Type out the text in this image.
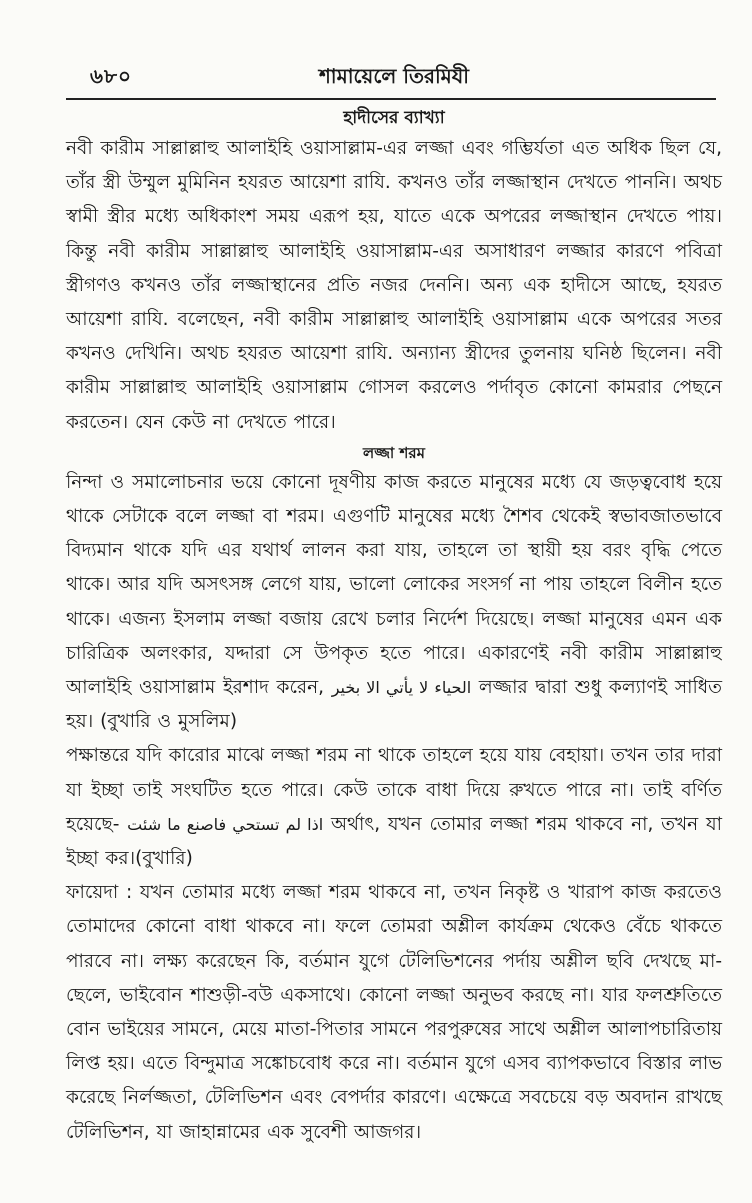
৬৮০	শামায়েলে তিরমিযী
হাদীসের ব্যাখ্যা

নবী কারীম সাল্লাল্লাহু আলাইহি ওয়াসাল্লাম-এর লজ্জা এবং গম্ভির্যতা এত অধিক ছিল যে, তাঁর স্ত্রী উম্মুল মুমিনিন হযরত আয়েশা রাযি. কখনও তাঁর লজ্জাস্থান দেখতে পাননি। অথচ স্বামী স্ত্রীর মধ্যে অধিকাংশ সময় এরূপ হয়, যাতে একে অপরের লজ্জাস্থান দেখতে পায়। কিন্তু নবী কারীম সাল্লাল্লাহু আলাইহি ওয়াসাল্লাম-এর অসাধারণ লজ্জার কারণে পবিত্রা স্ত্রীগণও কখনও তাঁর লজ্জাস্থানের প্রতি নজর দেননি। অন্য এক হাদীসে আছে, হযরত আয়েশা রাযি. বলেছেন, নবী কারীম সাল্লাল্লাহু আলাইহি ওয়াসাল্লাম একে অপরের সতর কখনও দেখিনি। অথচ হযরত আয়েশা রাযি. অন্যান্য স্ত্রীদের তুলনায় ঘনিষ্ঠ ছিলেন। নবী কারীম সাল্লাল্লাহু আলাইহি ওয়াসাল্লাম গোসল করলেও পর্দাবৃত কোনো কামরার পেছনে করতেন। যেন কেউ না দেখতে পারে।

লজ্জা শরম

নিন্দা ও সমালোচনার ভয়ে কোনো দূষণীয় কাজ করতে মানুষের মধ্যে যে জড়ত্ববোধ হয়ে থাকে সেটাকে বলে লজ্জা বা শরম। এগুণটি মানুষের মধ্যে শৈশব থেকেই স্বভাবজাতভাবে বিদ্যমান থাকে যদি এর যথার্থ লালন করা যায়, তাহলে তা স্থায়ী হয় বরং বৃদ্ধি পেতে থাকে। আর যদি অসৎসঙ্গ লেগে যায়, ভালো লোকের সংসর্গ না পায় তাহলে বিলীন হতে থাকে। এজন্য ইসলাম লজ্জা বজায় রেখে চলার নির্দেশ দিয়েছে। লজ্জা মানুষের এমন এক চারিত্রিক অলংকার, যদ্দারা সে উপকৃত হতে পারে। একারণেই নবী কারীম সাল্লাল্লাহু আলাইহি ওয়াসাল্লাম ইরশাদ করেন, الحياء لا يأتي الا بخير লজ্জার দ্বারা শুধু কল্যাণই সাধিত হয়। (বুখারি ও মুসলিম)

পক্ষান্তরে যদি কারোর মাঝে লজ্জা শরম না থাকে তাহলে হয়ে যায় বেহায়া। তখন তার দারা যা ইচ্ছা তাই সংঘটিত হতে পারে। কেউ তাকে বাধা দিয়ে রুখতে পারে না। তাই বর্ণিত হয়েছে- اذا لم تستحي فاصنع ما شئت অর্থাৎ, যখন তোমার লজ্জা শরম থাকবে না, তখন যা ইচ্ছা কর।(বুখারি)

ফায়েদা : যখন তোমার মধ্যে লজ্জা শরম থাকবে না, তখন নিকৃষ্ট ও খারাপ কাজ করতেও তোমাদের কোনো বাধা থাকবে না। ফলে তোমরা অশ্লীল কার্যক্রম থেকেও বেঁচে থাকতে পারবে না। লক্ষ্য করেছেন কি, বর্তমান যুগে টেলিভিশনের পর্দায় অশ্লীল ছবি দেখছে মা-ছেলে, ভাইবোন শাশুড়ী-বউ একসাথে। কোনো লজ্জা অনুভব করছে না। যার ফলশ্রুতিতে বোন ভাইয়ের সামনে, মেয়ে মাতা-পিতার সামনে পরপুরুষের সাথে অশ্লীল আলাপচারিতায় লিপ্ত হয়। এতে বিন্দুমাত্র সঙ্কোচবোধ করে না। বর্তমান যুগে এসব ব্যাপকভাবে বিস্তার লাভ করেছে নির্লজ্জতা, টেলিভিশন এবং বেপর্দার কারণে। এক্ষেত্রে সবচেয়ে বড় অবদান রাখছে টেলিভিশন, যা জাহান্নামের এক সুবেশী আজগর।
